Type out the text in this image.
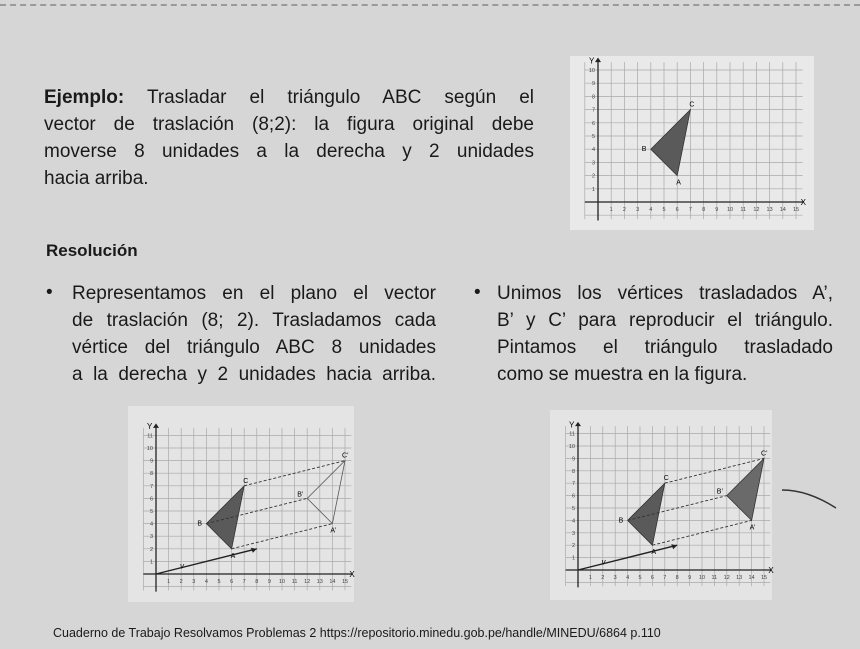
Ejemplo: Trasladar el triángulo ABC según el
vector de traslación (8;2): la figura original debe
moverse 8 unidades a la derecha y 2 unidades
hacia arriba.
X
Y
1 2 3 4 5 6 7 8 9 10 11 12 13 14 15
1
2
3
4
5
6
7
8
9
10
A
B
C
Resolución
• Representamos en el plano el vector
de traslación (8; 2). Trasladamos cada
vértice del triángulo ABC 8 unidades
a la derecha y 2 unidades hacia arriba.
• Unimos los vértices trasladados A’,
B’ y C’ para reproducir el triángulo.
Pintamos el triángulo trasladado
como se muestra en la figura.
X
Y
1 2 3 4 5 6 7 8 9 10 11 12 13 14 15
1
2
3
4
5
6
7
8
9
10
11
v
A’
B’
C’
A
B
C
X
Y
1 2 3 4 5 6 7 8 9 10 11 12 13 14 15
1
2
3
4
5
6
7
8
9
10
11
v
A’
B’
C’
A
B
C
Cuaderno de Trabajo Resolvamos Problemas 2 https://repositorio.minedu.gob.pe/handle/MINEDU/6864 p.110
